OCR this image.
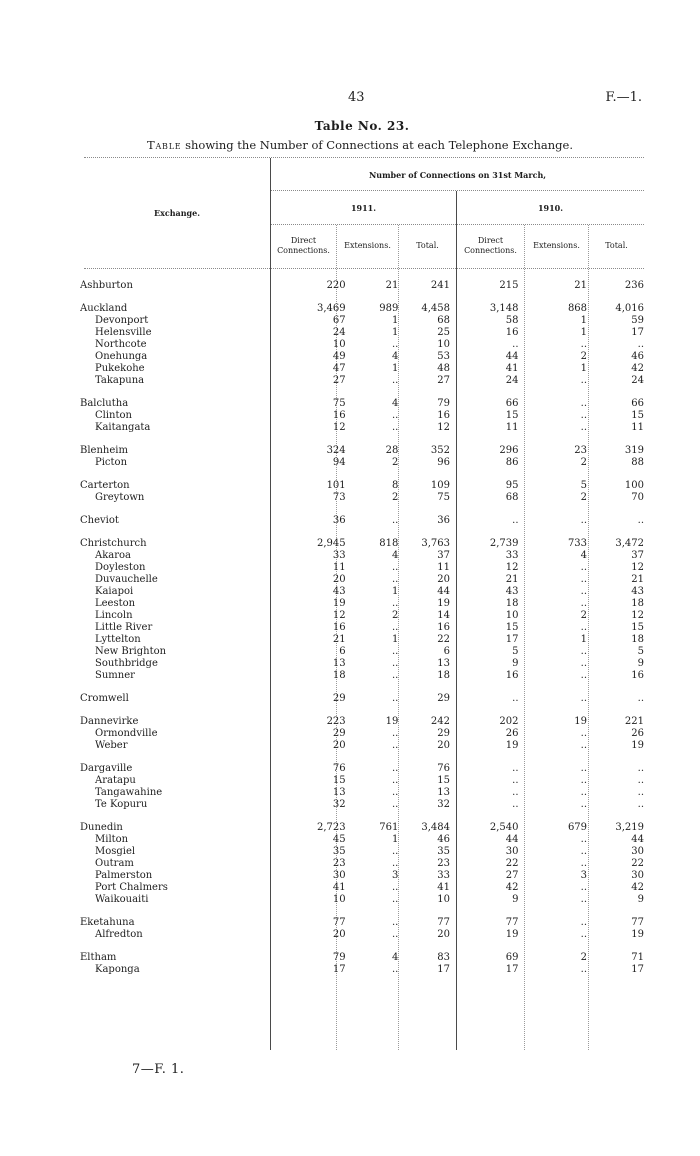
43	F.—1.
Table No. 23.
Table showing the Number of Connections at each Telephone Exchange.
Exchange.
Number of Connections on 31st March,
1911.	1910.
Direct
Connections.
Extensions.	Total.
Direct
Connections.
Extensions.	Total.
Ashburton	220	21	241	215	21	236

Auckland	3,469	989	4,458	3,148	868	4,016
Devonport	67	1	68	58	1	59
Helensville	24	1	25	16	1	17
Northcote	10	..	10	..	..	..
Onehunga	49	4	53	44	2	46
Pukekohe	47	1	48	41	1	42
Takapuna	27	..	27	24	..	24

Balclutha	75	4	79	66	..	66
Clinton	16	..	16	15	..	15
Kaitangata	12	..	12	11	..	11

Blenheim	324	28	352	296	23	319
Picton	94	2	96	86	2	88

Carterton	101	8	109	95	5	100
Greytown	73	2	75	68	2	70

Cheviot	36	..	36	..	..	..

Christchurch	2,945	818	3,763	2,739	733	3,472
Akaroa	33	4	37	33	4	37
Doyleston	11	..	11	12	..	12
Duvauchelle	20	..	20	21	..	21
Kaiapoi	43	1	44	43	..	43
Leeston	19	..	19	18	..	18
Lincoln	12	2	14	10	2	12
Little River	16	..	16	15	..	15
Lyttelton	21	1	22	17	1	18
New Brighton	6	..	6	5	..	5
Southbridge	13	..	13	9	..	9
Sumner	18	..	18	16	..	16

Cromwell	29	..	29	..	..	..

Dannevirke	223	19	242	202	19	221
Ormondville	29	..	29	26	..	26
Weber	20	..	20	19	..	19

Dargaville	76	..	76	..	..	..
Aratapu	15	..	15	..	..	..
Tangawahine	13	..	13	..	..	..
Te Kopuru	32	..	32	..	..	..

Dunedin	2,723	761	3,484	2,540	679	3,219
Milton	45	1	46	44	..	44
Mosgiel	35	..	35	30	..	30
Outram	23	..	23	22	..	22
Palmerston	30	3	33	27	3	30
Port Chalmers	41	..	41	42	..	42
Waikouaiti	10	..	10	9	..	9

Eketahuna	77	..	77	77	..	77
Alfredton	20	..	20	19	..	19

Eltham	79	4	83	69	2	71
Kaponga	17	..	17	17	..	17
7—F. 1.
